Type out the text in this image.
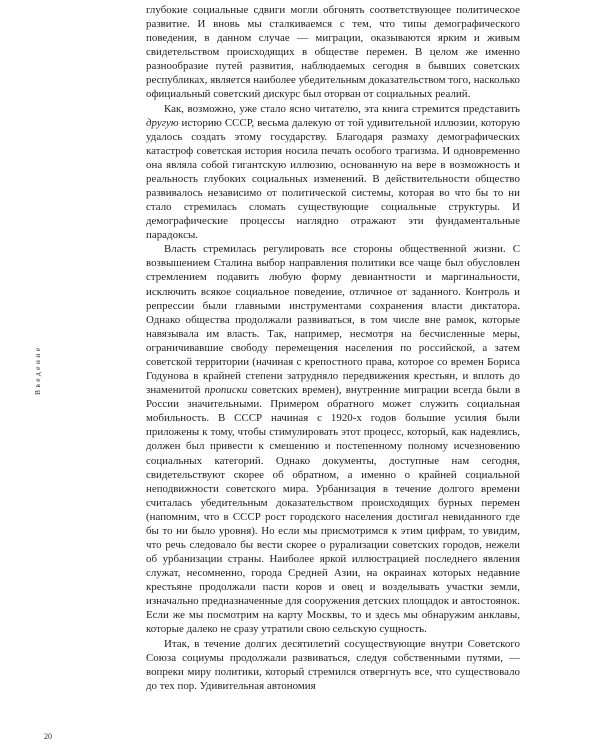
Введение

глубокие социальные сдвиги могли обгонять соответствующее политическое развитие. И вновь мы сталкиваемся с тем, что типы демографического поведения, в данном случае — миграции, оказываются ярким и живым свидетельством происходящих в обществе перемен. В целом же именно разнообразие путей развития, наблюдаемых сегодня в бывших советских республиках, является наиболее убедительным доказательством того, насколько официальный советский дискурс был оторван от социальных реалий.

Как, возможно, уже стало ясно читателю, эта книга стремится представить другую историю СССР, весьма далекую от той удивительной иллюзии, которую удалось создать этому государству. Благодаря размаху демографических катастроф советская история носила печать особого трагизма. И одновременно она являла собой гигантскую иллюзию, основанную на вере в возможность и реальность глубоких социальных изменений. В действительности общество развивалось независимо от политической системы, которая во что бы то ни стало стремилась сломать существующие социальные структуры. И демографические процессы наглядно отражают эти фундаментальные парадоксы.

Власть стремилась регулировать все стороны общественной жизни. С возвышением Сталина выбор направления политики все чаще был обусловлен стремлением подавить любую форму девиантности и маргинальности, исключить всякое социальное поведение, отличное от заданного. Контроль и репрессии были главными инструментами сохранения власти диктатора. Однако общества продолжали развиваться, в том числе вне рамок, которые навязывала им власть. Так, например, несмотря на бесчисленные меры, ограничивавшие свободу перемещения населения по российской, а затем советской территории (начиная с крепостного права, которое со времен Бориса Годунова в крайней степени затрудняло передвижения крестьян, и вплоть до знаменитой прописки советских времен), внутренние миграции всегда были в России значительными. Примером обратного может служить социальная мобильность. В СССР начиная с 1920-х годов большие усилия были приложены к тому, чтобы стимулировать этот процесс, который, как надеялись, должен был привести к смешению и постепенному полному исчезновению социальных категорий. Однако документы, доступные нам сегодня, свидетельствуют скорее об обратном, а именно о крайней социальной неподвижности советского мира. Урбанизация в течение долгого времени считалась убедительным доказательством происходящих бурных перемен (напомним, что в СССР рост городского населения достигал невиданного где бы то ни было уровня). Но если мы присмотримся к этим цифрам, то увидим, что речь следовало бы вести скорее о рурализации советских городов, нежели об урбанизации страны. Наиболее яркой иллюстрацией последнего явления служат, несомненно, города Средней Азии, на окраинах которых недавние крестьяне продолжали пасти коров и овец и возделывать участки земли, изначально предназначенные для сооружения детских площадок и автостоянок. Если же мы посмотрим на карту Москвы, то и здесь мы обнаружим анклавы, которые далеко не сразу утратили свою сельскую сущность.

Итак, в течение долгих десятилетий сосуществующие внутри Советского Союза социумы продолжали развиваться, следуя собственными путями, — вопреки миру политики, который стремился отвергнуть все, что существовало до тех пор. Удивительная автономия

20
